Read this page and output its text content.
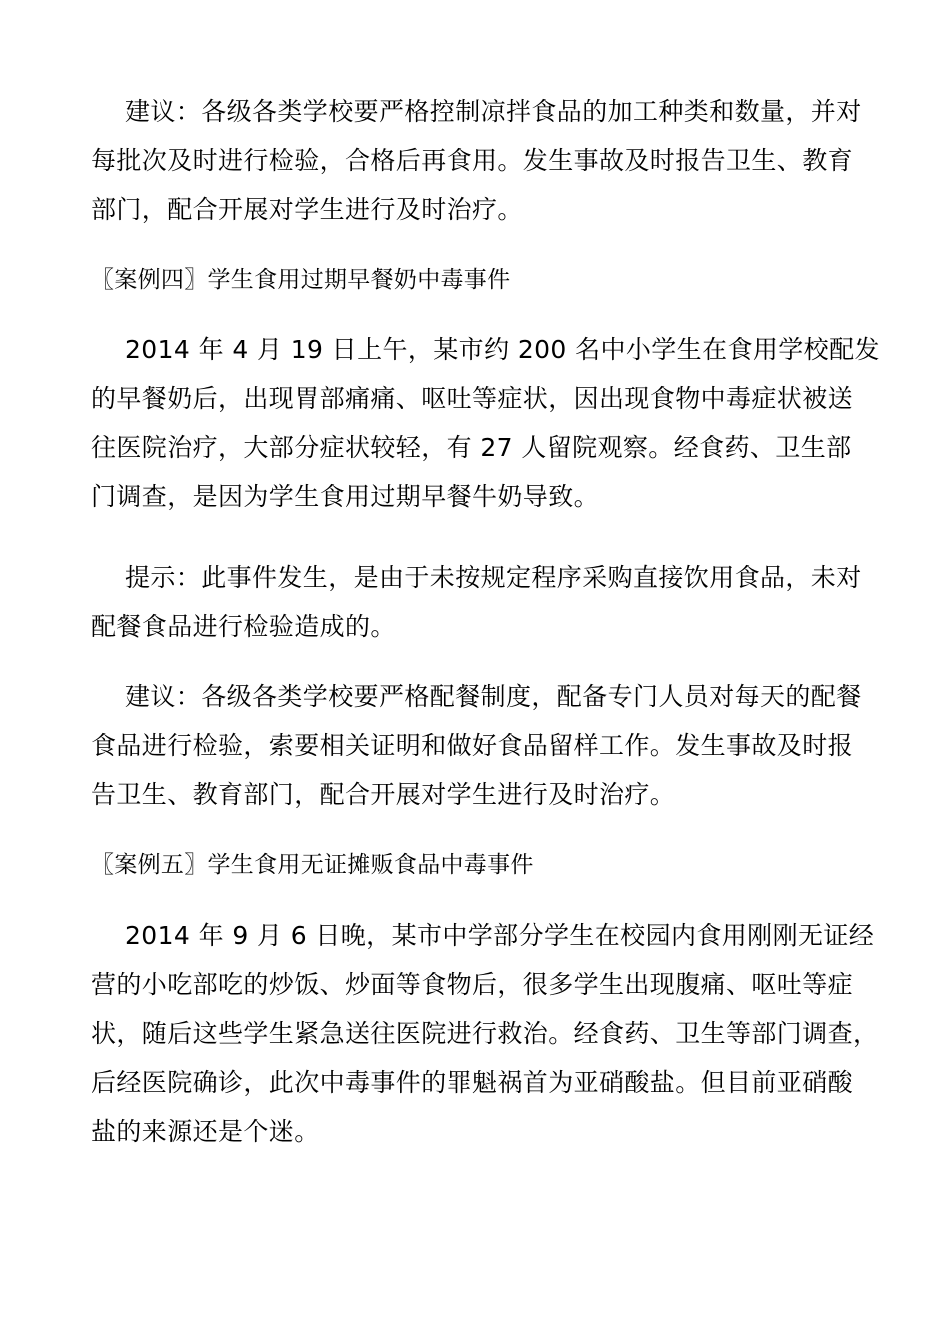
建议：各级各类学校要严格控制凉拌食品的加工种类和数量，并对
每批次及时进行检验，合格后再食用。发生事故及时报告卫生、教育
部门，配合开展对学生进行及时治疗。

〖案例四〗学生食用过期早餐奶中毒事件

2014 年 4 月 19 日上午，某市约 200 名中小学生在食用学校配发
的早餐奶后，出现胃部痛痛、呕吐等症状，因出现食物中毒症状被送
往医院治疗，大部分症状较轻，有 27 人留院观察。经食药、卫生部
门调查，是因为学生食用过期早餐牛奶导致。

提示：此事件发生，是由于未按规定程序采购直接饮用食品，未对
配餐食品进行检验造成的。

建议：各级各类学校要严格配餐制度，配备专门人员对每天的配餐
食品进行检验，索要相关证明和做好食品留样工作。发生事故及时报
告卫生、教育部门，配合开展对学生进行及时治疗。

〖案例五〗学生食用无证摊贩食品中毒事件

2014 年 9 月 6 日晚，某市中学部分学生在校园内食用刚刚无证经
营的小吃部吃的炒饭、炒面等食物后，很多学生出现腹痛、呕吐等症
状，随后这些学生紧急送往医院进行救治。经食药、卫生等部门调查，
后经医院确诊，此次中毒事件的罪魁祸首为亚硝酸盐。但目前亚硝酸
盐的来源还是个迷。
